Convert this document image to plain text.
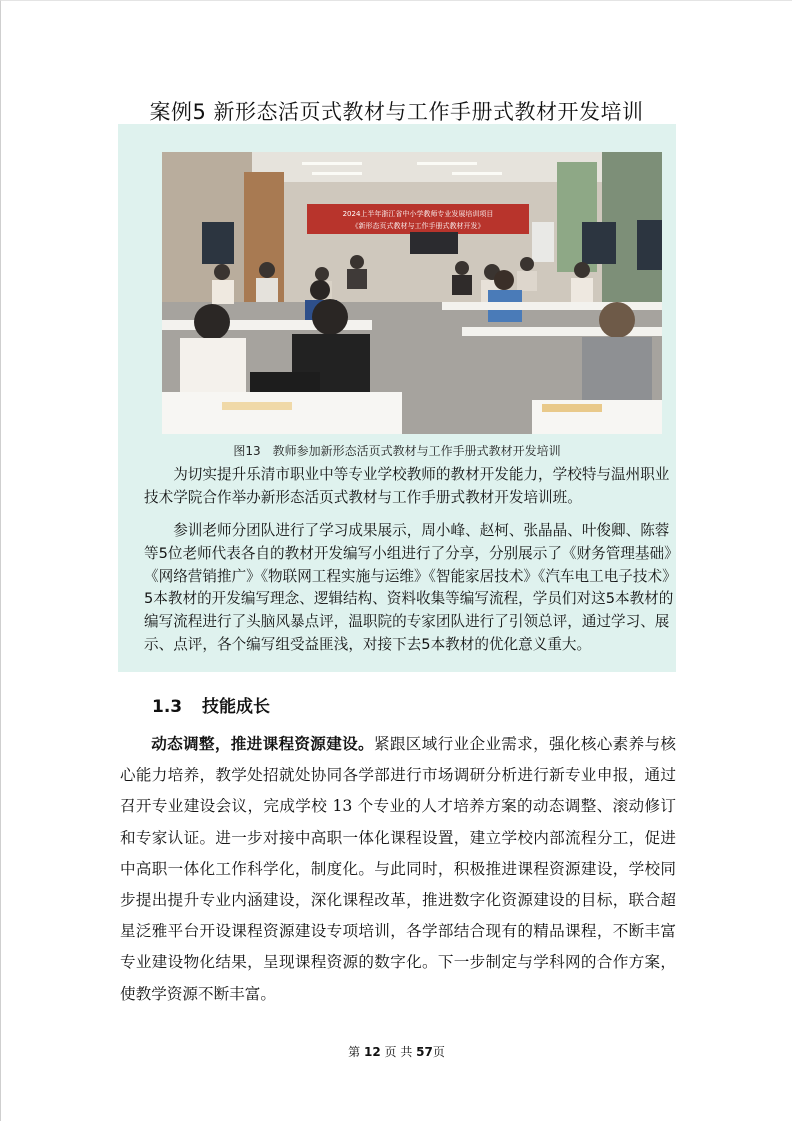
案例5 新形态活页式教材与工作手册式教材开发培训
2024上半年浙江省中小学教师专业发展培训项目
《新形态页式教材与工作手册式教材开发》
图13　教师参加新形态活页式教材与工作手册式教材开发培训

为切实提升乐清市职业中等专业学校教师的教材开发能力，学校特与温州职业技术学院合作举办新形态活页式教材与工作手册式教材开发培训班。

参训老师分团队进行了学习成果展示，周小峰、赵柯、张晶晶、叶俊卿、陈蓉等5位老师代表各自的教材开发编写小组进行了分享，分别展示了《财务管理基础》《网络营销推广》《物联网工程实施与运维》《智能家居技术》《汽车电工电子技术》5本教材的开发编写理念、逻辑结构、资料收集等编写流程，学员们对这5本教材的编写流程进行了头脑风暴点评，温职院的专家团队进行了引领总评，通过学习、展示、点评，各个编写组受益匪浅，对接下去5本教材的优化意义重大。

1.3 技能成长

动态调整，推进课程资源建设。紧跟区域行业企业需求，强化核心素养与核心能力培养，教学处招就处协同各学部进行市场调研分析进行新专业申报，通过召开专业建设会议，完成学校 13 个专业的人才培养方案的动态调整、滚动修订和专家认证。进一步对接中高职一体化课程设置，建立学校内部流程分工，促进中高职一体化工作科学化，制度化。与此同时，积极推进课程资源建设，学校同步提出提升专业内涵建设，深化课程改革，推进数字化资源建设的目标，联合超星泛雅平台开设课程资源建设专项培训，各学部结合现有的精品课程，不断丰富专业建设物化结果，呈现课程资源的数字化。下一步制定与学科网的合作方案，使教学资源不断丰富。

第 12 页 共 57页
